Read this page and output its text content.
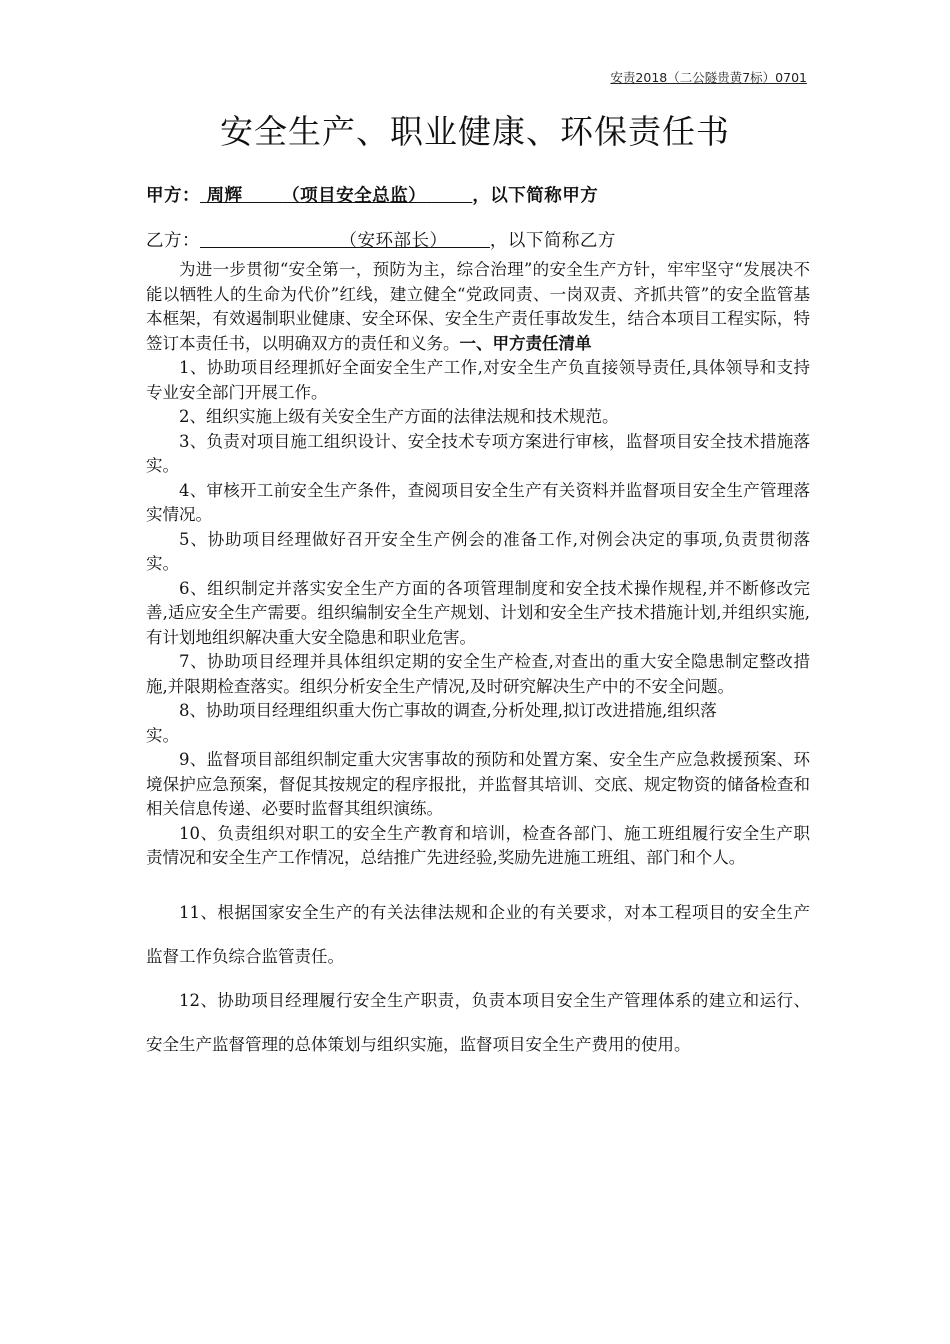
安责2018（二公隧贵黄7标）0701
安全生产、职业健康、环保责任书
甲方： 周辉 （项目安全总监）	，以下简称甲方
乙方：	（安环部长） ，以下简称乙方

为进一步贯彻“安全第一，预防为主，综合治理”的安全生产方针，牢牢坚守“发展决不能以牺牲人的生命为代价”红线，建立健全“党政同责、一岗双责、齐抓共管”的安全监管基本框架，有效遏制职业健康、安全环保、安全生产责任事故发生，结合本项目工程实际，特签订本责任书，以明确双方的责任和义务。一、甲方责任清单

1、协助项目经理抓好全面安全生产工作,对安全生产负直接领导责任,具体领导和支持专业安全部门开展工作。

2、组织实施上级有关安全生产方面的法律法规和技术规范。

3、负责对项目施工组织设计、安全技术专项方案进行审核，监督项目安全技术措施落实。

4、审核开工前安全生产条件，查阅项目安全生产有关资料并监督项目安全生产管理落实情况。

5、协助项目经理做好召开安全生产例会的准备工作,对例会决定的事项,负责贯彻落实。

6、组织制定并落实安全生产方面的各项管理制度和安全技术操作规程,并不断修改完善,适应安全生产需要。组织编制安全生产规划、计划和安全生产技术措施计划,并组织实施,有计划地组织解决重大安全隐患和职业危害。

7、协助项目经理并具体组织定期的安全生产检查,对查出的重大安全隐患制定整改措施,并限期检查落实。组织分析安全生产情况,及时研究解决生产中的不安全问题。

8、协助项目经理组织重大伤亡事故的调查,分析处理,拟订改进措施,组织落

实。

9、监督项目部组织制定重大灾害事故的预防和处置方案、安全生产应急救援预案、环境保护应急预案，督促其按规定的程序报批，并监督其培训、交底、规定物资的储备检查和相关信息传递、必要时监督其组织演练。

10、负责组织对职工的安全生产教育和培训，检查各部门、施工班组履行安全生产职责情况和安全生产工作情况，总结推广先进经验,奖励先进施工班组、部门和个人。

11、根据国家安全生产的有关法律法规和企业的有关要求，对本工程项目的安全生产监督工作负综合监管责任。

12、协助项目经理履行安全生产职责，负责本项目安全生产管理体系的建立和运行、安全生产监督管理的总体策划与组织实施，监督项目安全生产费用的使用。
